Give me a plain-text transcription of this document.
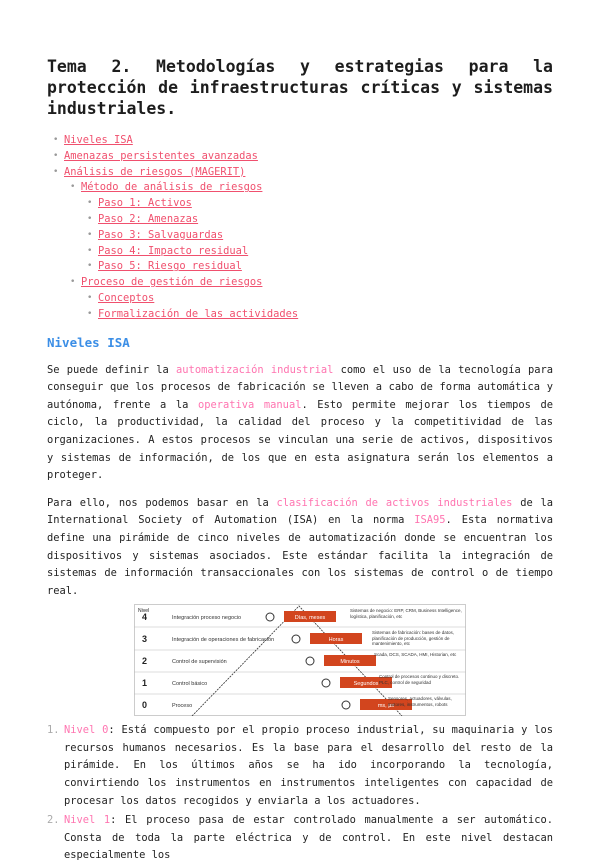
Tema 2. Metodologías y estrategias para la protección de infraestructuras críticas y sistemas industriales.
• Niveles ISA
• Amenazas persistentes avanzadas
• Análisis de riesgos (MAGERIT)
• Método de análisis de riesgos
• Paso 1: Activos
• Paso 2: Amenazas
• Paso 3: Salvaguardas
• Paso 4: Impacto residual
• Paso 5: Riesgo residual
• Proceso de gestión de riesgos
• Conceptos
• Formalización de las actividades
Niveles ISA

Se puede definir la automatización industrial como el uso de la tecnología para conseguir que los procesos de fabricación se lleven a cabo de forma automática y autónoma, frente a la operativa manual. Esto permite mejorar los tiempos de ciclo, la productividad, la calidad del proceso y la competitividad de las organizaciones. A estos procesos se vinculan una serie de activos, dispositivos y sistemas de información, de los que en esta asignatura serán los elementos a proteger.

Para ello, nos podemos basar en la clasificación de activos industriales de la International Society of Automation (ISA) en la norma ISA95. Esta normativa define una pirámide de cinco niveles de automatización donde se encuentran los dispositivos y sistemas asociados. Este estándar facilita la integración de sistemas de información transaccionales con los sistemas de control o de tiempo real.

Nivel
4	Integración proceso negocio	Días, meses
Sistemas de negocio: ERP, CRM, Business Intelligence, logística, planificación, etc
3	Integración de operaciones de fabricación	Horas
Sistemas de fabricación: bases de datos, planificación de producción, gestión de mantenimiento, etc
2	Control de supervisión	Minutos
Scada, DCS, SCADA, HMI, Historian, etc
1	Control básico	Segundos
Control de procesos continuo y discreto. PLC, control de seguridad
0	Proceso	ms, µs
Sensores, actuadores, válvulas, motores, instrumentos, robots
1. Nivel 0: Está compuesto por el propio proceso industrial, su maquinaria y los recursos humanos necesarios. Es la base para el desarrollo del resto de la pirámide. En los últimos años se ha ido incorporando la tecnología, convirtiendo los instrumentos en instrumentos inteligentes con capacidad de procesar los datos recogidos y enviarla a los actuadores.
2. Nivel 1: El proceso pasa de estar controlado manualmente a ser automático. Consta de toda la parte eléctrica y de control. En este nivel destacan especialmente los
